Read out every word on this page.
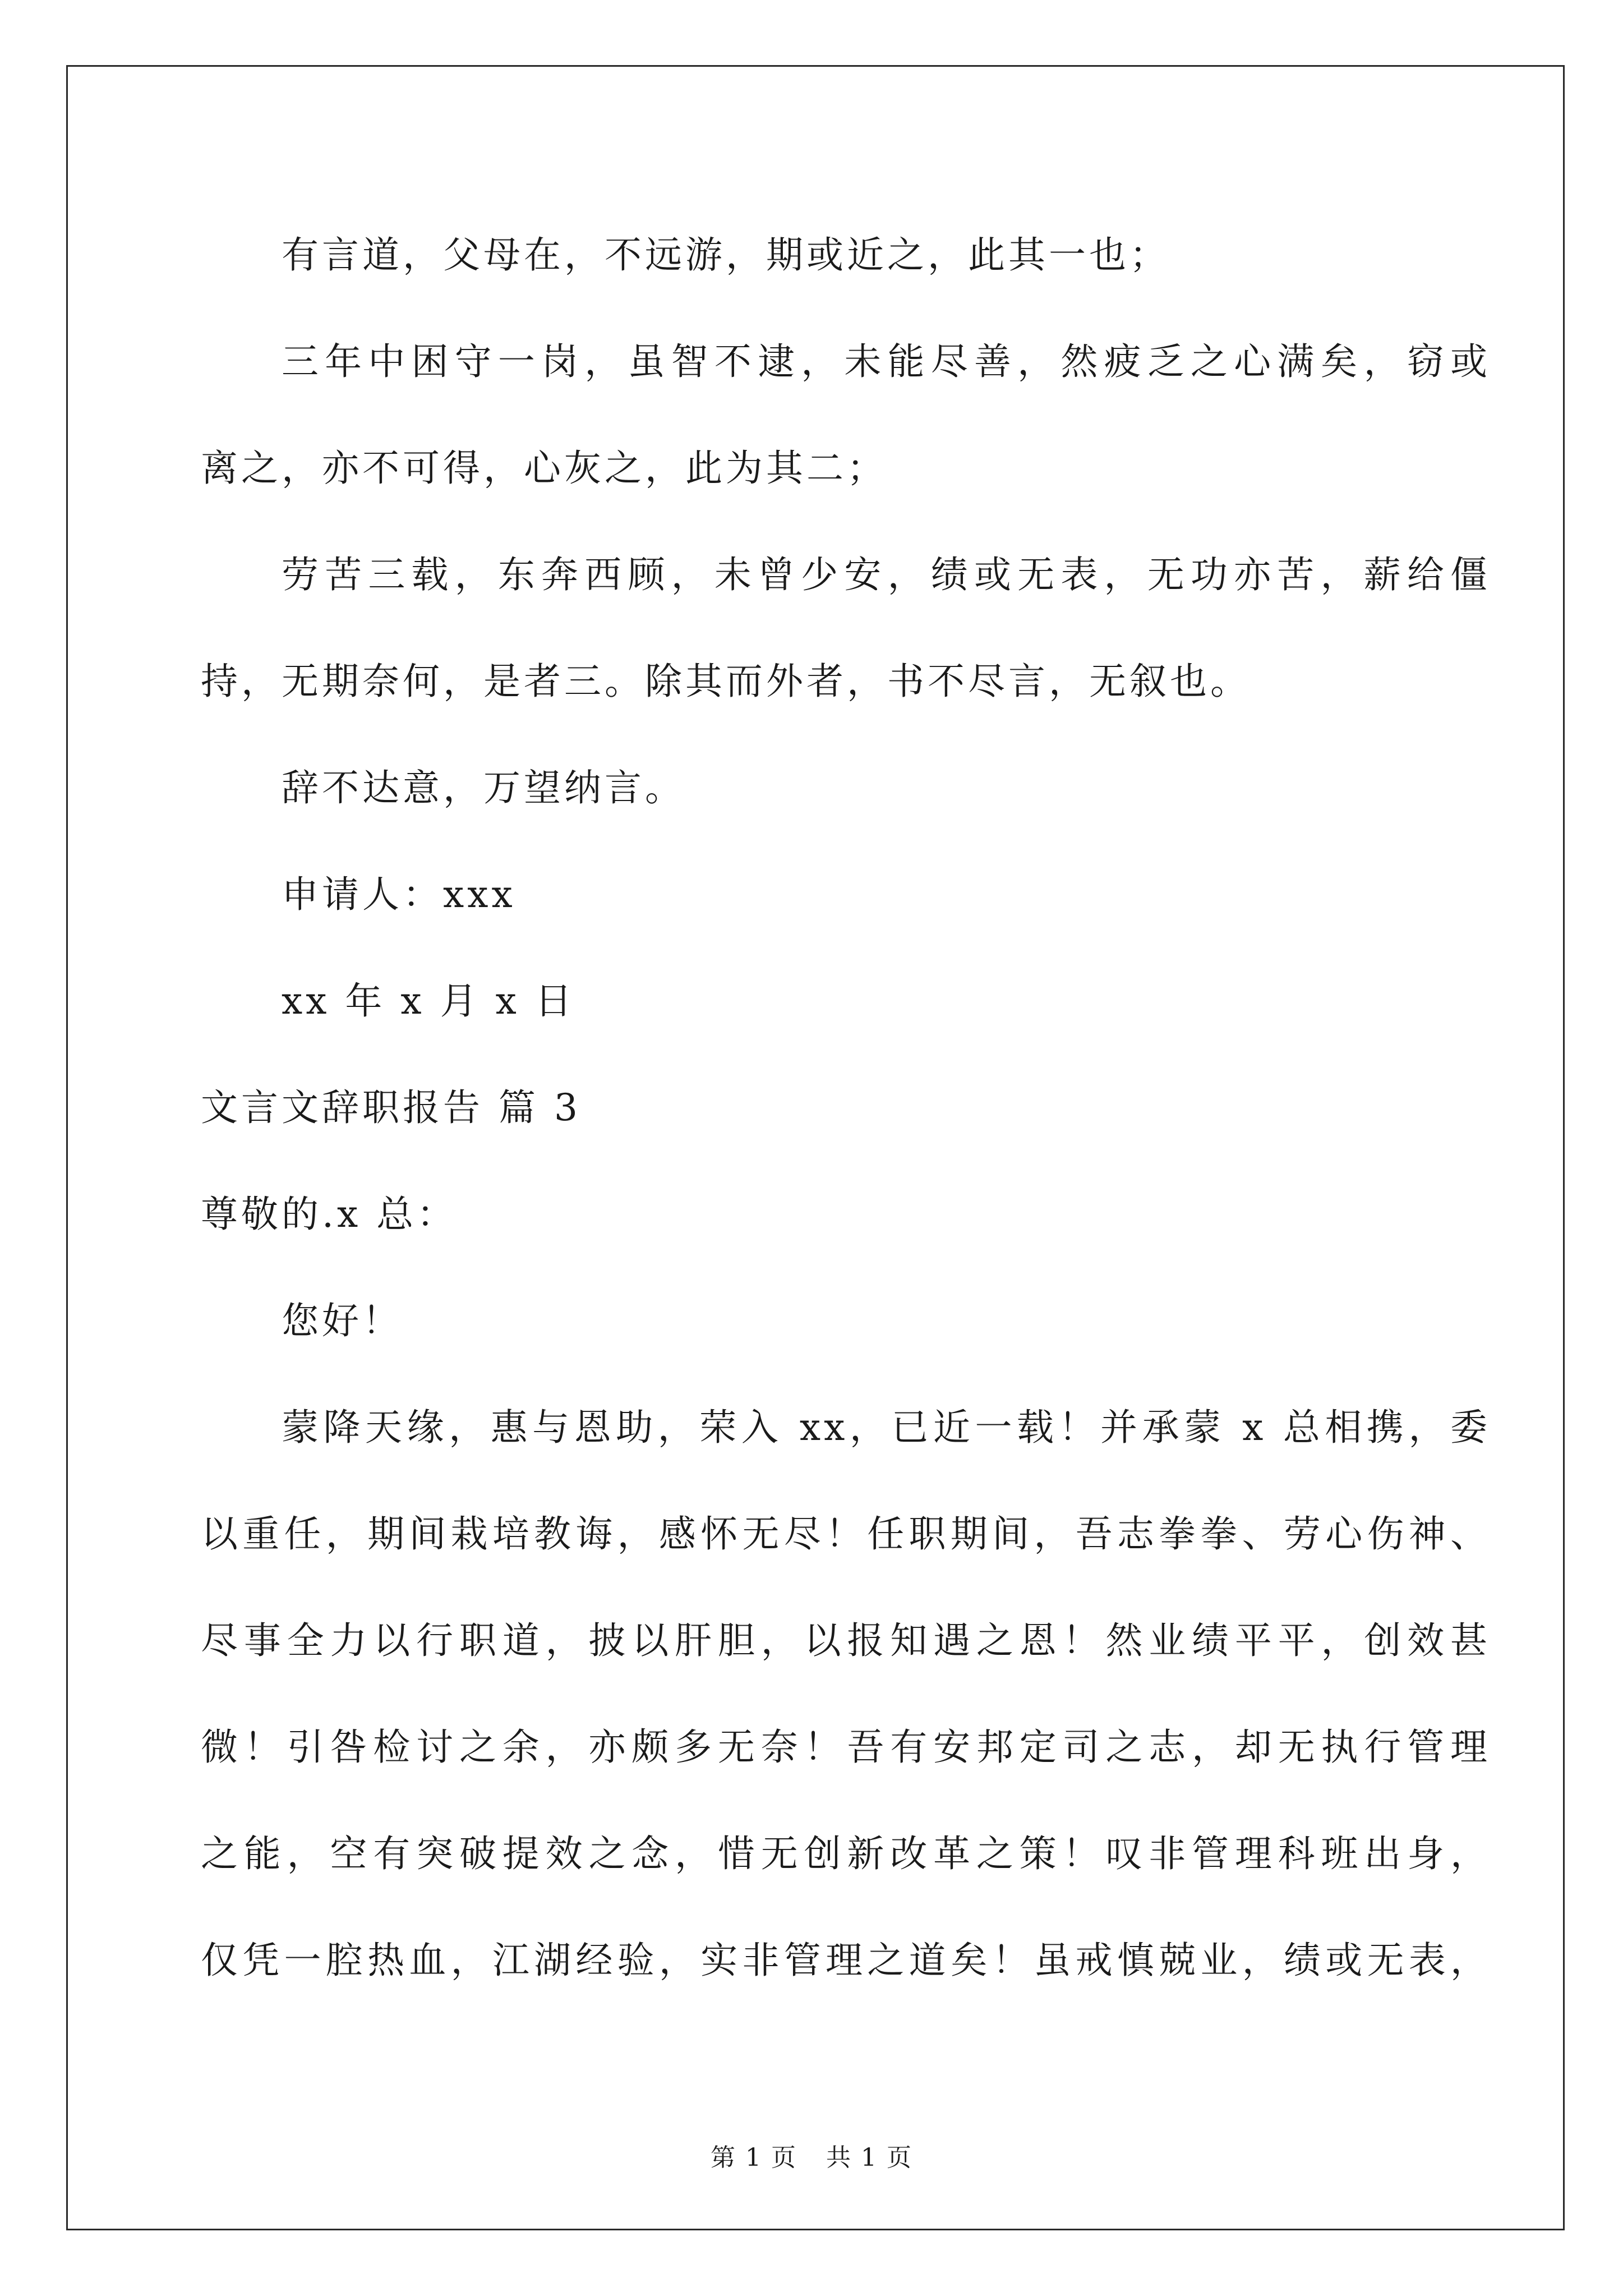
有言道，父母在，不远游，期或近之，此其一也；
三年中困守一岗，虽智不逮，未能尽善，然疲乏之心满矣，窃或
离之，亦不可得，心灰之，此为其二；
劳苦三载，东奔西顾，未曾少安，绩或无表，无功亦苦，薪给僵
持，无期奈何，是者三。除其而外者，书不尽言，无叙也。
辞不达意，万望纳言。
申请人：xxx
xx 年 x 月 x 日
文言文辞职报告 篇 3
尊敬的.x 总：
您好！
蒙降天缘，惠与恩助，荣入 xx，已近一载！并承蒙 x 总相携，委
以重任，期间栽培教诲，感怀无尽！任职期间，吾志拳拳、劳心伤神、
尽事全力以行职道，披以肝胆，以报知遇之恩！然业绩平平，创效甚
微！引咎检讨之余，亦颇多无奈！吾有安邦定司之志，却无执行管理
之能，空有突破提效之念，惜无创新改革之策！叹非管理科班出身，
仅凭一腔热血，江湖经验，实非管理之道矣！虽戒慎兢业，绩或无表，
第 1 页 共 1 页
